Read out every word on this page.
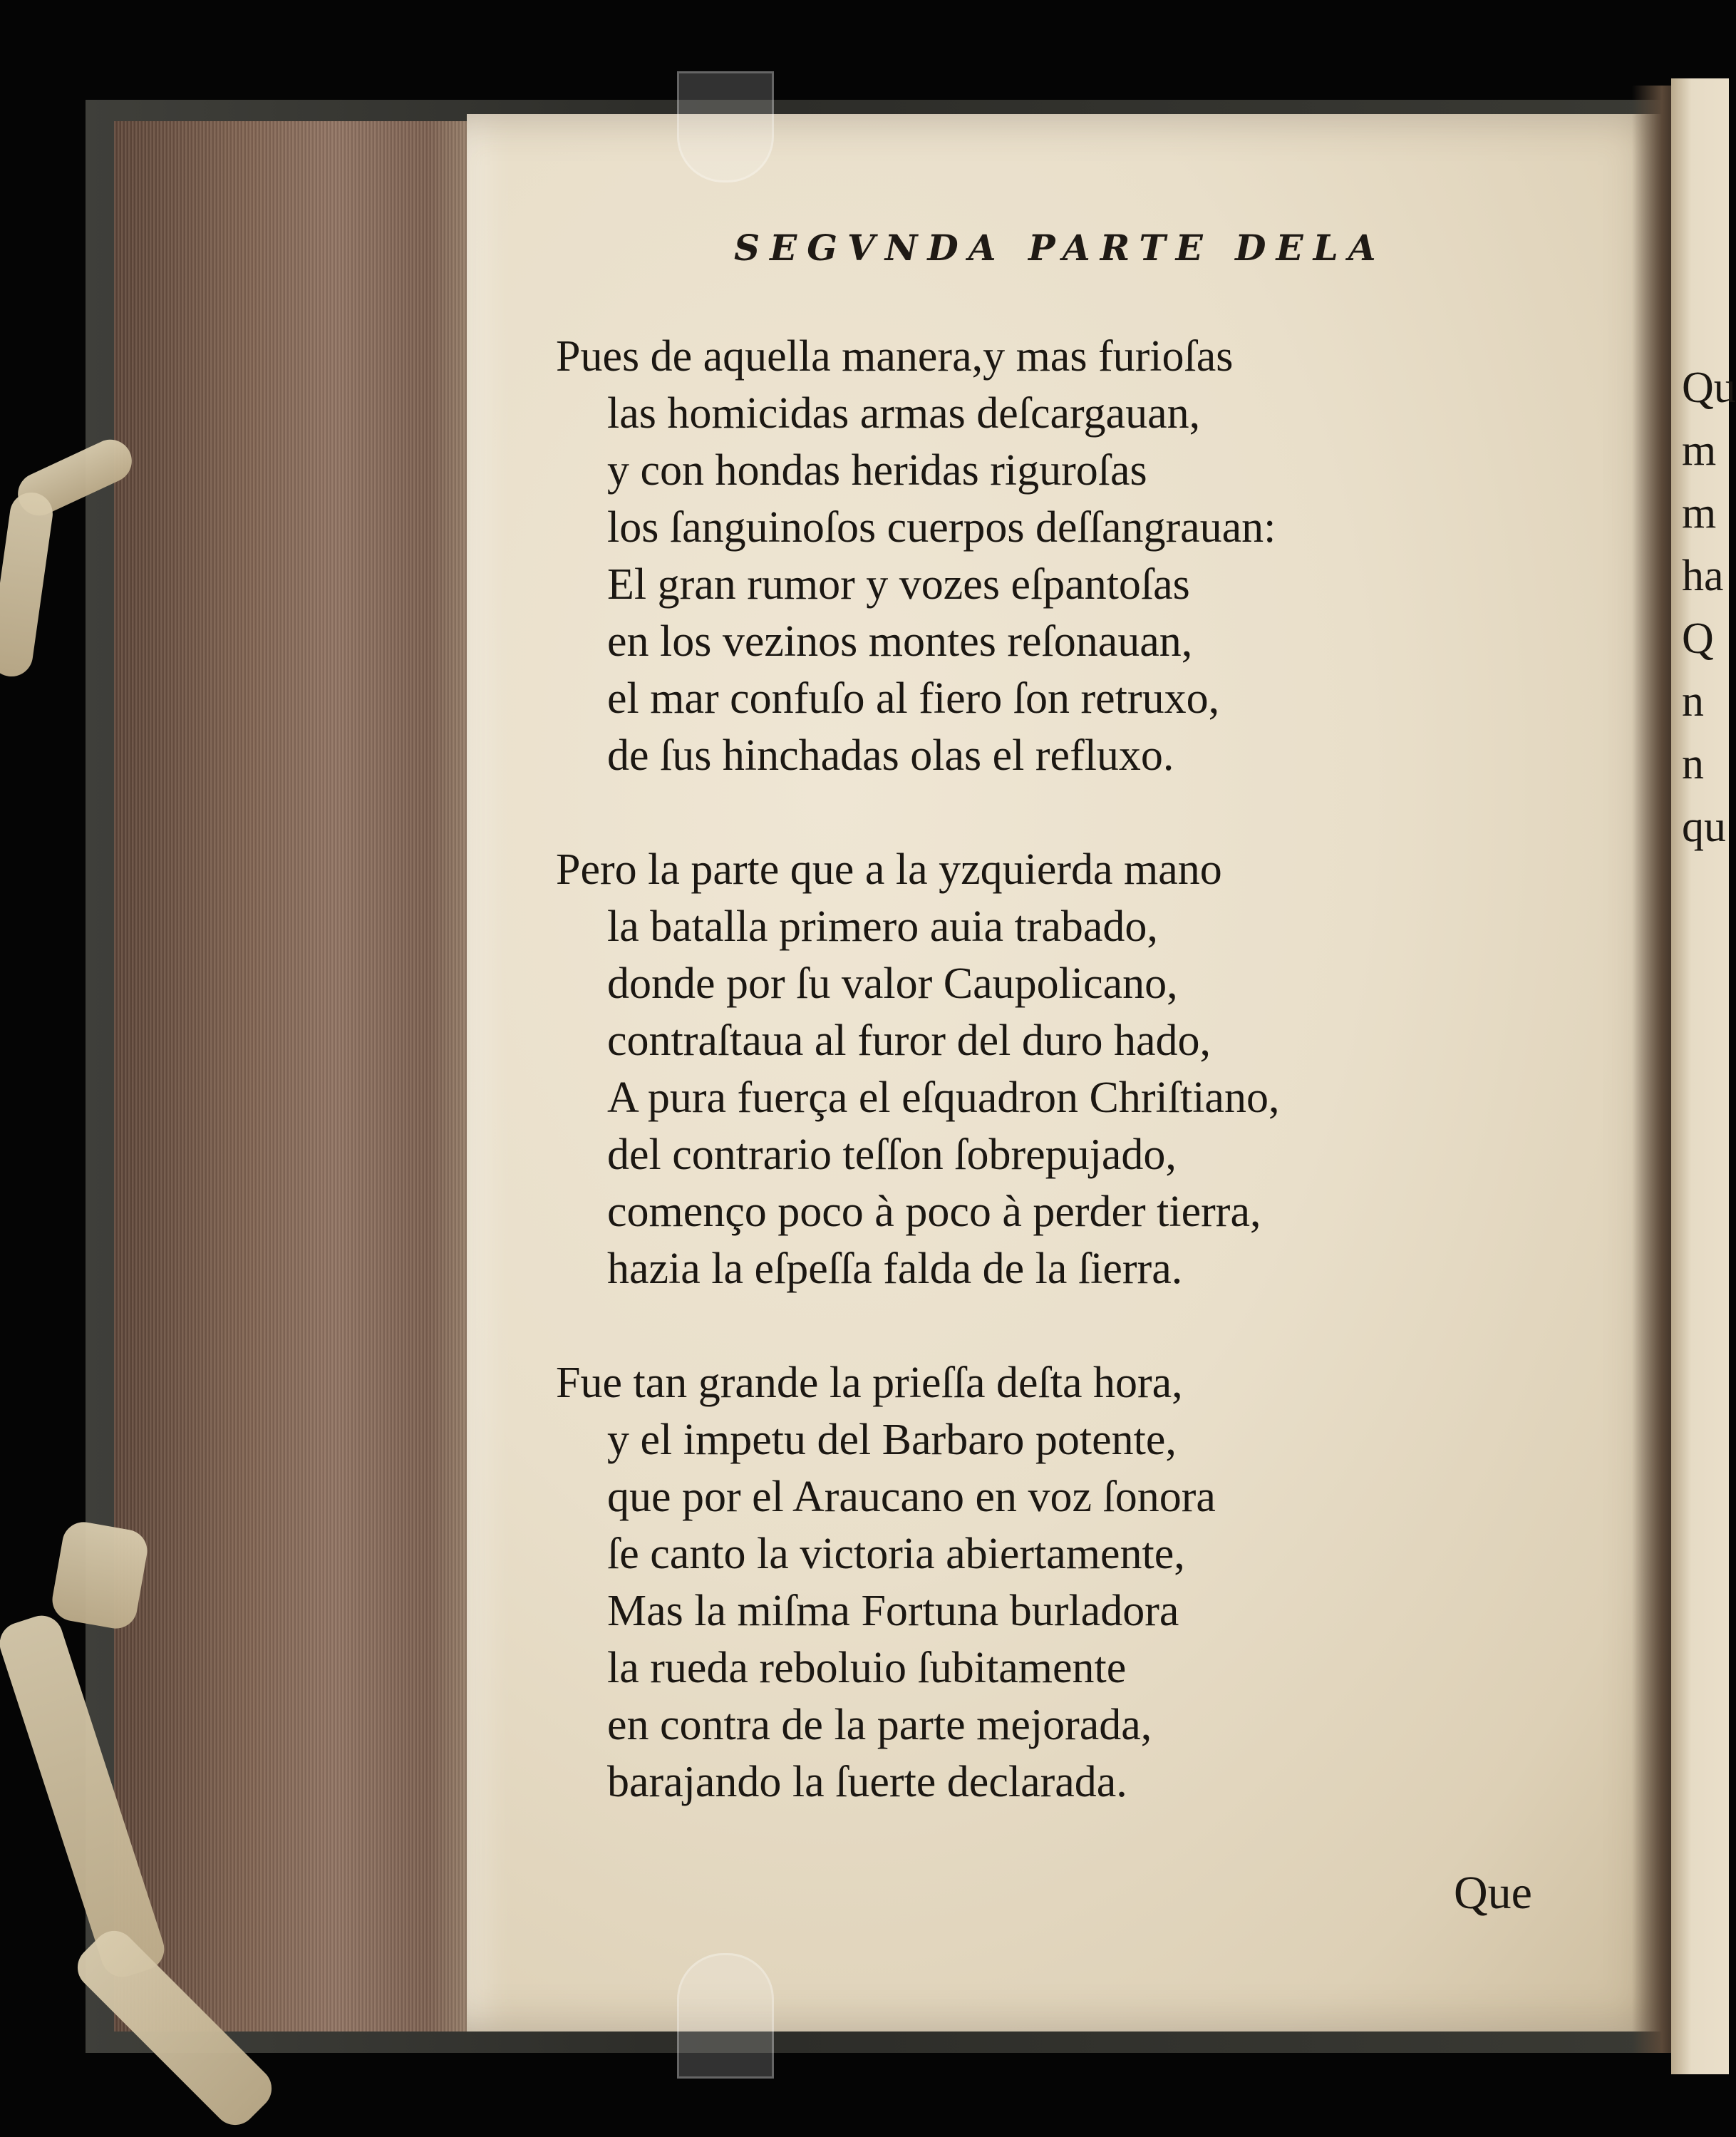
SEGVNDA PARTE DELA
Pues de aquella manera,y mas furioſas
las homicidas armas deſcargauan,
y con hondas heridas riguroſas
los ſanguinoſos cuerpos deſſangrauan:
El gran rumor y vozes eſpantoſas
en los vezinos montes reſonauan,
el mar confuſo al fiero ſon retruxo,
de ſus hinchadas olas el refluxo.
Pero la parte que a la yzquierda mano
la batalla primero auia trabado,
donde por ſu valor Caupolicano,
contraſtaua al furor del duro hado,
A pura fuerça el eſquadron Chriſtiano,
del contrario teſſon ſobrepujado,
començo poco à poco à perder tierra,
hazia la eſpeſſa falda de la ſierra.
Fue tan grande la prieſſa deſta hora,
y el impetu del Barbaro potente,
que por el Araucano en voz ſonora
ſe canto la victoria abiertamente,
Mas la miſma Fortuna burladora
la rueda reboluio ſubitamente
en contra de la parte mejorada,
barajando la ſuerte declarada.
Que
Qu
m
m
ha
Q
n
n
qu
